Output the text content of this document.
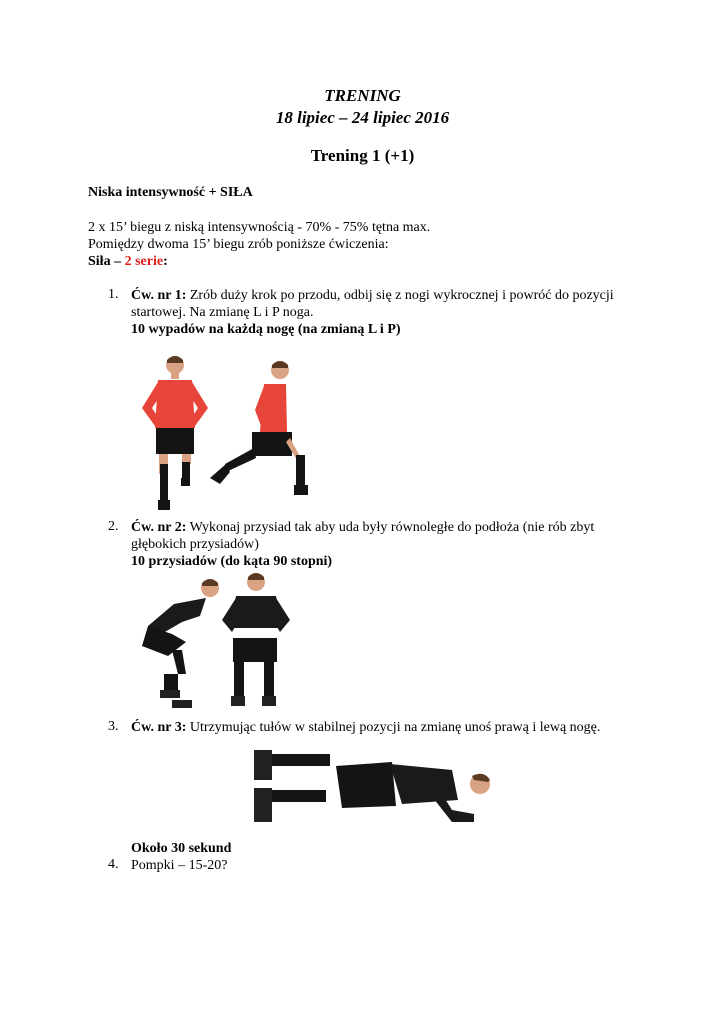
TRENING
18 lipiec – 24 lipiec 2016
Trening 1 (+1)
Niska intensywność + SIŁA
2 x 15’ biegu z niską intensywnością - 70% - 75% tętna max.
Pomiędzy dwoma 15’ biegu zrób poniższe ćwiczenia:
Siła – 2 serie:
1. Ćw. nr 1: Zrób duży krok po przodu, odbij się z nogi wykrocznej i powróć do pozycji
startowej. Na zmianę L i P noga.
10 wypadów na każdą nogę (na zmianą L i P)
2. Ćw. nr 2: Wykonaj przysiad tak aby uda były równoległe do podłoża (nie rób zbyt
głębokich przysiadów)
10 przysiadów (do kąta 90 stopni)
3. Ćw. nr 3: Utrzymując tułów w stabilnej pozycji na zmianę unoś prawą i lewą nogę.
Około 30 sekund
4. Pompki – 15-20?
